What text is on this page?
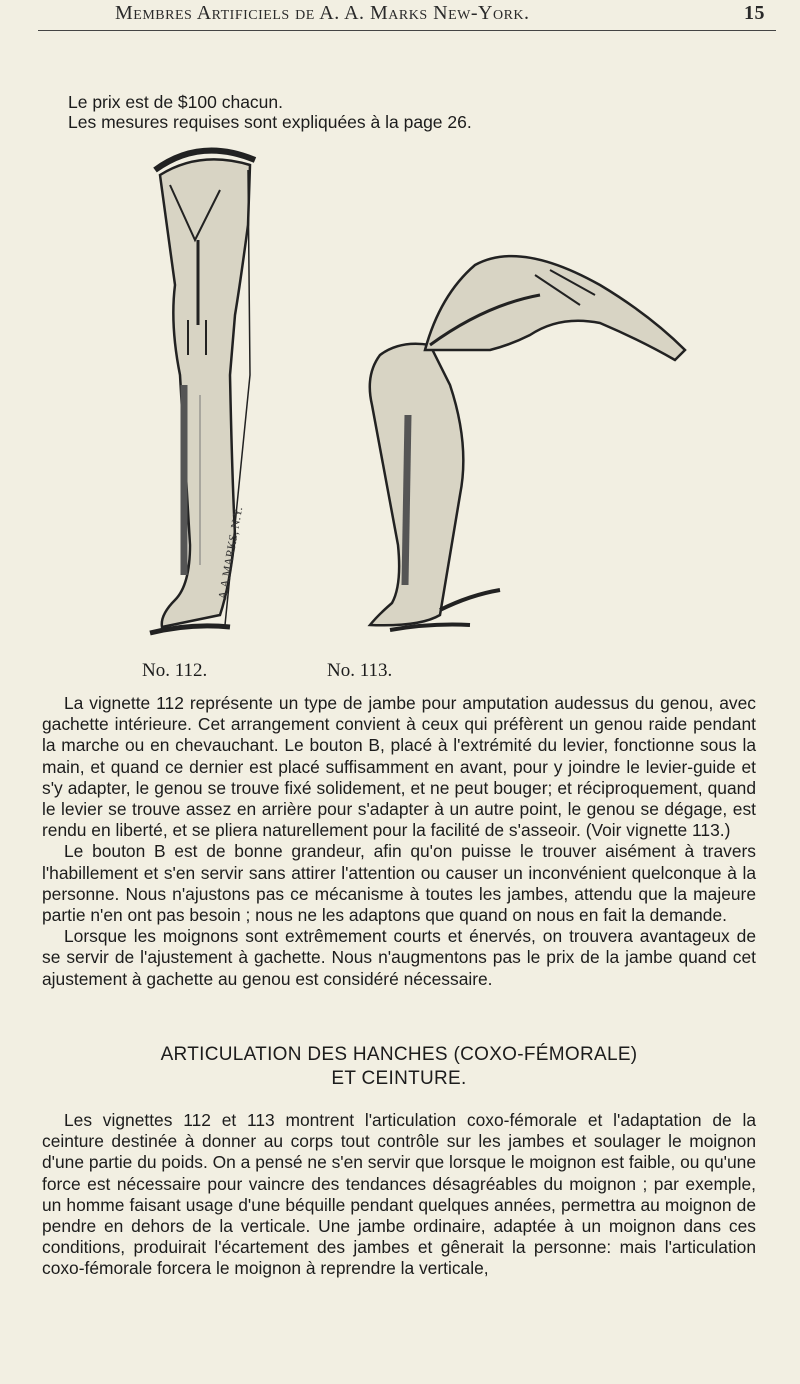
Membres Artificiels de A. A. Marks New-York.	15

Le prix est de $100 chacun.

Les mesures requises sont expliquées à la page 26.

A.A.MARKS, N.Y.
No. 112.	No. 113.

La vignette 112 représente un type de jambe pour amputation audessus du genou, avec gachette intérieure. Cet arrangement convient à ceux qui préfèrent un genou raide pendant la marche ou en chevauchant. Le bouton B, placé à l'extrémité du levier, fonctionne sous la main, et quand ce dernier est placé suffisamment en avant, pour y joindre le levier-guide et s'y adapter, le genou se trouve fixé solidement, et ne peut bouger; et réciproquement, quand le levier se trouve assez en arrière pour s'adapter à un autre point, le genou se dégage, est rendu en liberté, et se pliera naturellement pour la facilité de s'asseoir. (Voir vignette 113.)

Le bouton B est de bonne grandeur, afin qu'on puisse le trouver aisément à travers l'habillement et s'en servir sans attirer l'attention ou causer un inconvénient quelconque à la personne. Nous n'ajustons pas ce mécanisme à toutes les jambes, attendu que la majeure partie n'en ont pas besoin ; nous ne les adaptons que quand on nous en fait la demande.

Lorsque les moignons sont extrêmement courts et énervés, on trouvera avantageux de se servir de l'ajustement à gachette. Nous n'augmentons pas le prix de la jambe quand cet ajustement à gachette au genou est considéré nécessaire.

ARTICULATION DES HANCHES (COXO-FÉMORALE)
ET CEINTURE.

Les vignettes 112 et 113 montrent l'articulation coxo-fémorale et l'adaptation de la ceinture destinée à donner au corps tout contrôle sur les jambes et soulager le moignon d'une partie du poids. On a pensé ne s'en servir que lorsque le moignon est faible, ou qu'une force est nécessaire pour vaincre des tendances désagréables du moignon ; par exemple, un homme faisant usage d'une béquille pendant quelques années, permettra au moignon de pendre en dehors de la verticale. Une jambe ordinaire, adaptée à un moignon dans ces conditions, produirait l'écartement des jambes et gênerait la personne: mais l'articulation coxo-fémorale forcera le moignon à reprendre la verticale,
